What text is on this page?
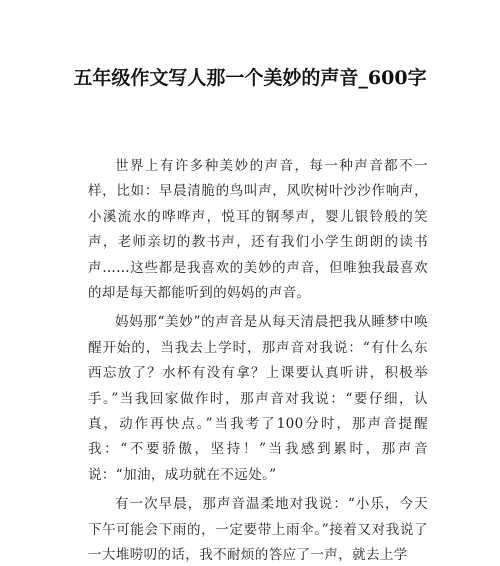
五年级作文写人那一个美妙的声音_600字

世界上有许多种美妙的声音，每一种声音都不一样，比如：早晨清脆的鸟叫声，风吹树叶沙沙作响声，小溪流水的哗哗声，悦耳的钢琴声，婴儿银铃般的笑声，老师亲切的教书声，还有我们小学生朗朗的读书声……这些都是我喜欢的美妙的声音，但唯独我最喜欢的却是每天都能听到的妈妈的声音。

妈妈那“美妙”的声音是从每天清晨把我从睡梦中唤醒开始的，当我去上学时，那声音对我说：“有什么东西忘放了？水杯有没有拿？上课要认真听讲，积极举手。”当我回家做作时，那声音对我说：“要仔细，认真，动作再快点。”当我考了100分时，那声音提醒我：“不要骄傲，坚持！”当我感到累时，那声音说：“加油，成功就在不远处。”

有一次早晨，那声音温柔地对我说：“小乐，今天下午可能会下雨的，一定要带上雨伞。”接着又对我说了一大堆唠叨的话，我不耐烦的答应了一声，就去上学
